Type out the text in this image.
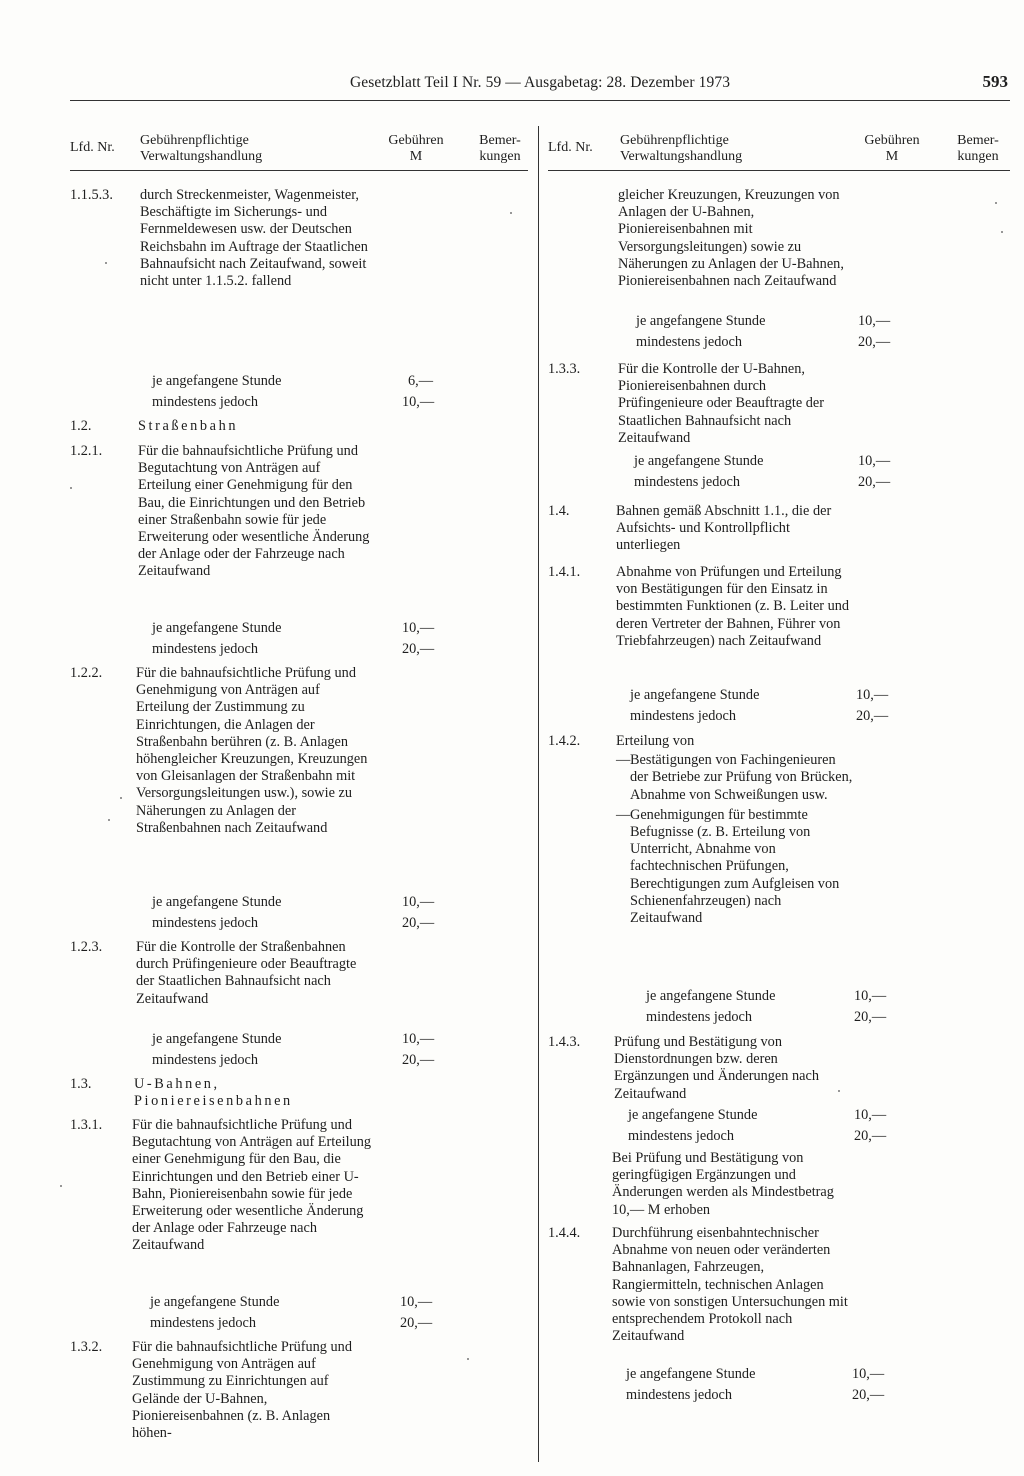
Gesetzblatt Teil I Nr. 59 — Ausgabetag: 28. Dezember 1973	593
Lfd. Nr. Gebührenpflichtige
Verwaltungshandlung
Gebühren
M
Bemer-
kungen
1.1.5.3. durch Streckenmeister, Wagenmeister, Beschäftigte im Sicherungs- und Fernmeldewesen usw. der Deutschen Reichsbahn im Auftrage der Staatlichen Bahnaufsicht nach Zeitaufwand, soweit nicht unter 1.1.5.2. fallend
je angefangene Stunde	6,—
mindestens jedoch	10,—
1.2.	Straßenbahn
1.2.1.	Für die bahnaufsichtliche Prüfung und Begutachtung von Anträgen auf Erteilung einer Genehmigung für den Bau, die Einrichtungen und den Betrieb einer Straßenbahn sowie für jede Erweiterung oder wesentliche Änderung der Anlage oder der Fahrzeuge nach Zeitaufwand
je angefangene Stunde	10,—
mindestens jedoch	20,—
1.2.2. Für die bahnaufsichtliche Prüfung und Genehmigung von Anträgen auf Erteilung der Zustimmung zu Einrichtungen, die Anlagen der Straßenbahn berühren (z. B. Anlagen höhengleicher Kreuzungen, Kreuzungen von Gleisanlagen der Straßenbahn mit Versorgungsleitungen usw.), sowie zu Näherungen zu Anlagen der Straßenbahnen nach Zeitaufwand
je angefangene Stunde	10,—
mindestens jedoch	20,—
1.2.3. Für die Kontrolle der Straßenbahnen durch Prüfingenieure oder Beauftragte der Staatlichen Bahnaufsicht nach Zeitaufwand
je angefangene Stunde	10,—
mindestens jedoch	20,—
1.3.	U-Bahnen, Pioniereisenbahnen
1.3.1. Für die bahnaufsichtliche Prüfung und Begutachtung von Anträgen auf Erteilung einer Genehmigung für den Bau, die Einrichtungen und den Betrieb einer U-Bahn, Pioniereisenbahn sowie für jede Erweiterung oder wesentliche Änderung der Anlage oder Fahrzeuge nach Zeitaufwand
je angefangene Stunde	10,—
mindestens jedoch	20,—
1.3.2. Für die bahnaufsichtliche Prüfung und Genehmigung von Anträgen auf Zustimmung zu Einrichtungen auf Gelände der U-Bahnen, Pioniereisenbahnen (z. B. Anlagen höhen-
Lfd. Nr. Gebührenpflichtige
Verwaltungshandlung
Gebühren
M
Bemer-
kungen
gleicher Kreuzungen, Kreuzungen von Anlagen der U-Bahnen, Pioniereisenbahnen mit Versorgungsleitungen) sowie zu Näherungen zu Anlagen der U-Bahnen, Pioniereisenbahnen nach Zeitaufwand
je angefangene Stunde	10,—
mindestens jedoch	20,—
1.3.3.	Für die Kontrolle der U-Bahnen, Pioniereisenbahnen durch Prüfingenieure oder Beauftragte der Staatlichen Bahnaufsicht nach Zeitaufwand
je angefangene Stunde	10,—
mindestens jedoch	20,—
1.4.	Bahnen gemäß Abschnitt 1.1., die der Aufsichts- und Kontrollpflicht unterliegen
1.4.1.	Abnahme von Prüfungen und Erteilung von Bestätigungen für den Einsatz in bestimmten Funktionen (z. B. Leiter und deren Vertreter der Bahnen, Führer von Triebfahrzeugen) nach Zeitaufwand
je angefangene Stunde	10,—
mindestens jedoch	20,—
1.4.2.	Erteilung von

— Bestätigungen von Fachingenieuren der Betriebe zur Prüfung von Brücken, Abnahme von Schweißungen usw.
— Genehmigungen für bestimmte Befugnisse (z. B. Erteilung von Unterricht, Abnahme von fachtechnischen Prüfungen, Berechtigungen zum Aufgleisen von Schienenfahrzeugen) nach Zeitaufwand
je angefangene Stunde	10,—
mindestens jedoch	20,—
1.4.3. Prüfung und Bestätigung von Dienstordnungen bzw. deren Ergänzungen und Änderungen nach Zeitaufwand
je angefangene Stunde	10,—
mindestens jedoch	20,—
Bei Prüfung und Bestätigung von geringfügigen Ergänzungen und Änderungen werden als Mindestbetrag 10,— M erhoben
1.4.4. Durchführung eisenbahntechnischer Abnahme von neuen oder veränderten Bahnanlagen, Fahrzeugen, Rangiermitteln, technischen Anlagen sowie von sonstigen Untersuchungen mit entsprechendem Protokoll nach Zeitaufwand
je angefangene Stunde	10,—
mindestens jedoch	20,—
